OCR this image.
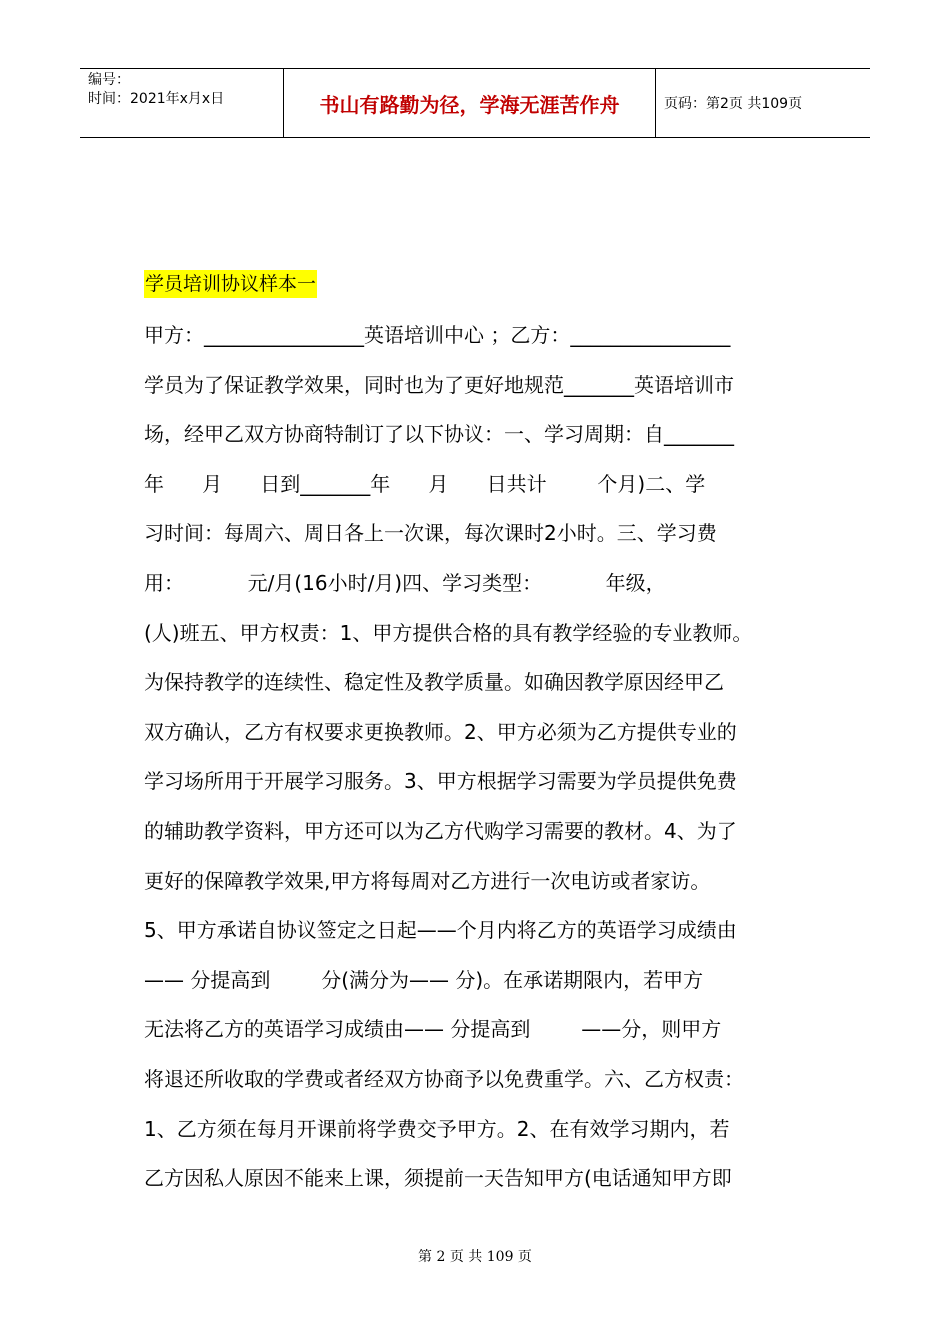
编号：
时间：2021年x月x日	书山有路勤为径，学海无涯苦作舟	页码：第2页 共109页
学员培训协议样本一
甲方：________________英语培训中心 ；乙方：________________
学员为了保证教学效果，同时也为了更好地规范_______英语培训市
场，经甲乙双方协商特制订了以下协议：一、学习周期：自_______
年      月      日到_______年      月      日共计        个月)二、学
习时间：每周六、周日各上一次课，每次课时2小时。三、学习费
用：          元/月(16小时/月)四、学习类型：          年级，
(人)班五、甲方权责：1、甲方提供合格的具有教学经验的专业教师。
为保持教学的连续性、稳定性及教学质量。如确因教学原因经甲乙
双方确认，乙方有权要求更换教师。2、甲方必须为乙方提供专业的
学习场所用于开展学习服务。3、甲方根据学习需要为学员提供免费
的辅助教学资料，甲方还可以为乙方代购学习需要的教材。4、为了
更好的保障教学效果,甲方将每周对乙方进行一次电访或者家访。
5、甲方承诺自协议签定之日起——个月内将乙方的英语学习成绩由
—— 分提高到        分(满分为—— 分)。在承诺期限内，若甲方
无法将乙方的英语学习成绩由—— 分提高到        ——分，则甲方
将退还所收取的学费或者经双方协商予以免费重学。六、乙方权责：
1、乙方须在每月开课前将学费交予甲方。2、在有效学习期内，若
乙方因私人原因不能来上课，须提前一天告知甲方(电话通知甲方即
第 2 页 共 109 页
